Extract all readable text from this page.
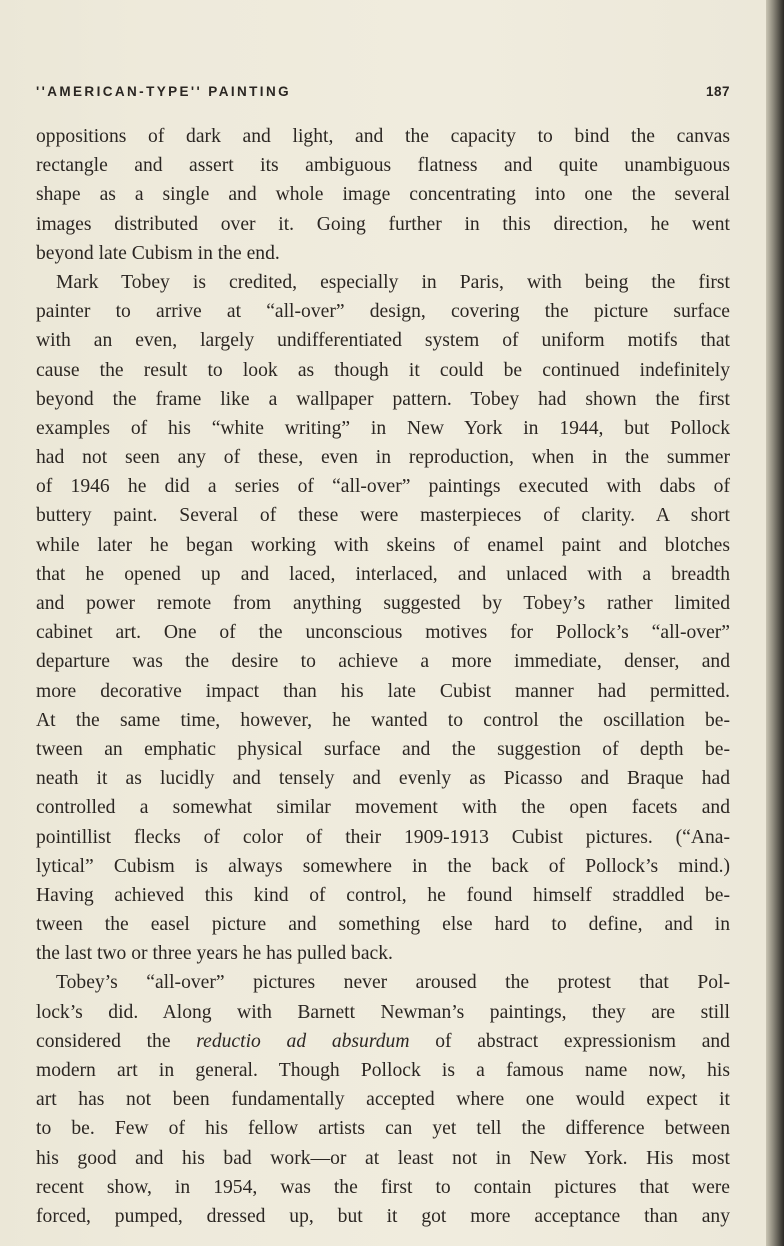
''AMERICAN-TYPE'' PAINTING	187
oppositions of dark and light, and the capacity to bind the canvas
rectangle and assert its ambiguous flatness and quite unambiguous
shape as a single and whole image concentrating into one the several
images distributed over it. Going further in this direction, he went
beyond late Cubism in the end.
Mark Tobey is credited, especially in Paris, with being the first
painter to arrive at “all-over” design, covering the picture surface
with an even, largely undifferentiated system of uniform motifs that
cause the result to look as though it could be continued indefinitely
beyond the frame like a wallpaper pattern. Tobey had shown the first
examples of his “white writing” in New York in 1944, but Pollock
had not seen any of these, even in reproduction, when in the summer
of 1946 he did a series of “all-over” paintings executed with dabs of
buttery paint. Several of these were masterpieces of clarity. A short
while later he began working with skeins of enamel paint and blotches
that he opened up and laced, interlaced, and unlaced with a breadth
and power remote from anything suggested by Tobey’s rather limited
cabinet art. One of the unconscious motives for Pollock’s “all-over”
departure was the desire to achieve a more immediate, denser, and
more decorative impact than his late Cubist manner had permitted.
At the same time, however, he wanted to control the oscillation be-
tween an emphatic physical surface and the suggestion of depth be-
neath it as lucidly and tensely and evenly as Picasso and Braque had
controlled a somewhat similar movement with the open facets and
pointillist flecks of color of their 1909-1913 Cubist pictures. (“Ana-
lytical” Cubism is always somewhere in the back of Pollock’s mind.)
Having achieved this kind of control, he found himself straddled be-
tween the easel picture and something else hard to define, and in
the last two or three years he has pulled back.
Tobey’s “all-over” pictures never aroused the protest that Pol-
lock’s did. Along with Barnett Newman’s paintings, they are still
considered the reductio ad absurdum of abstract expressionism and
modern art in general. Though Pollock is a famous name now, his
art has not been fundamentally accepted where one would expect it
to be. Few of his fellow artists can yet tell the difference between
his good and his bad work—or at least not in New York. His most
recent show, in 1954, was the first to contain pictures that were
forced, pumped, dressed up, but it got more acceptance than any
